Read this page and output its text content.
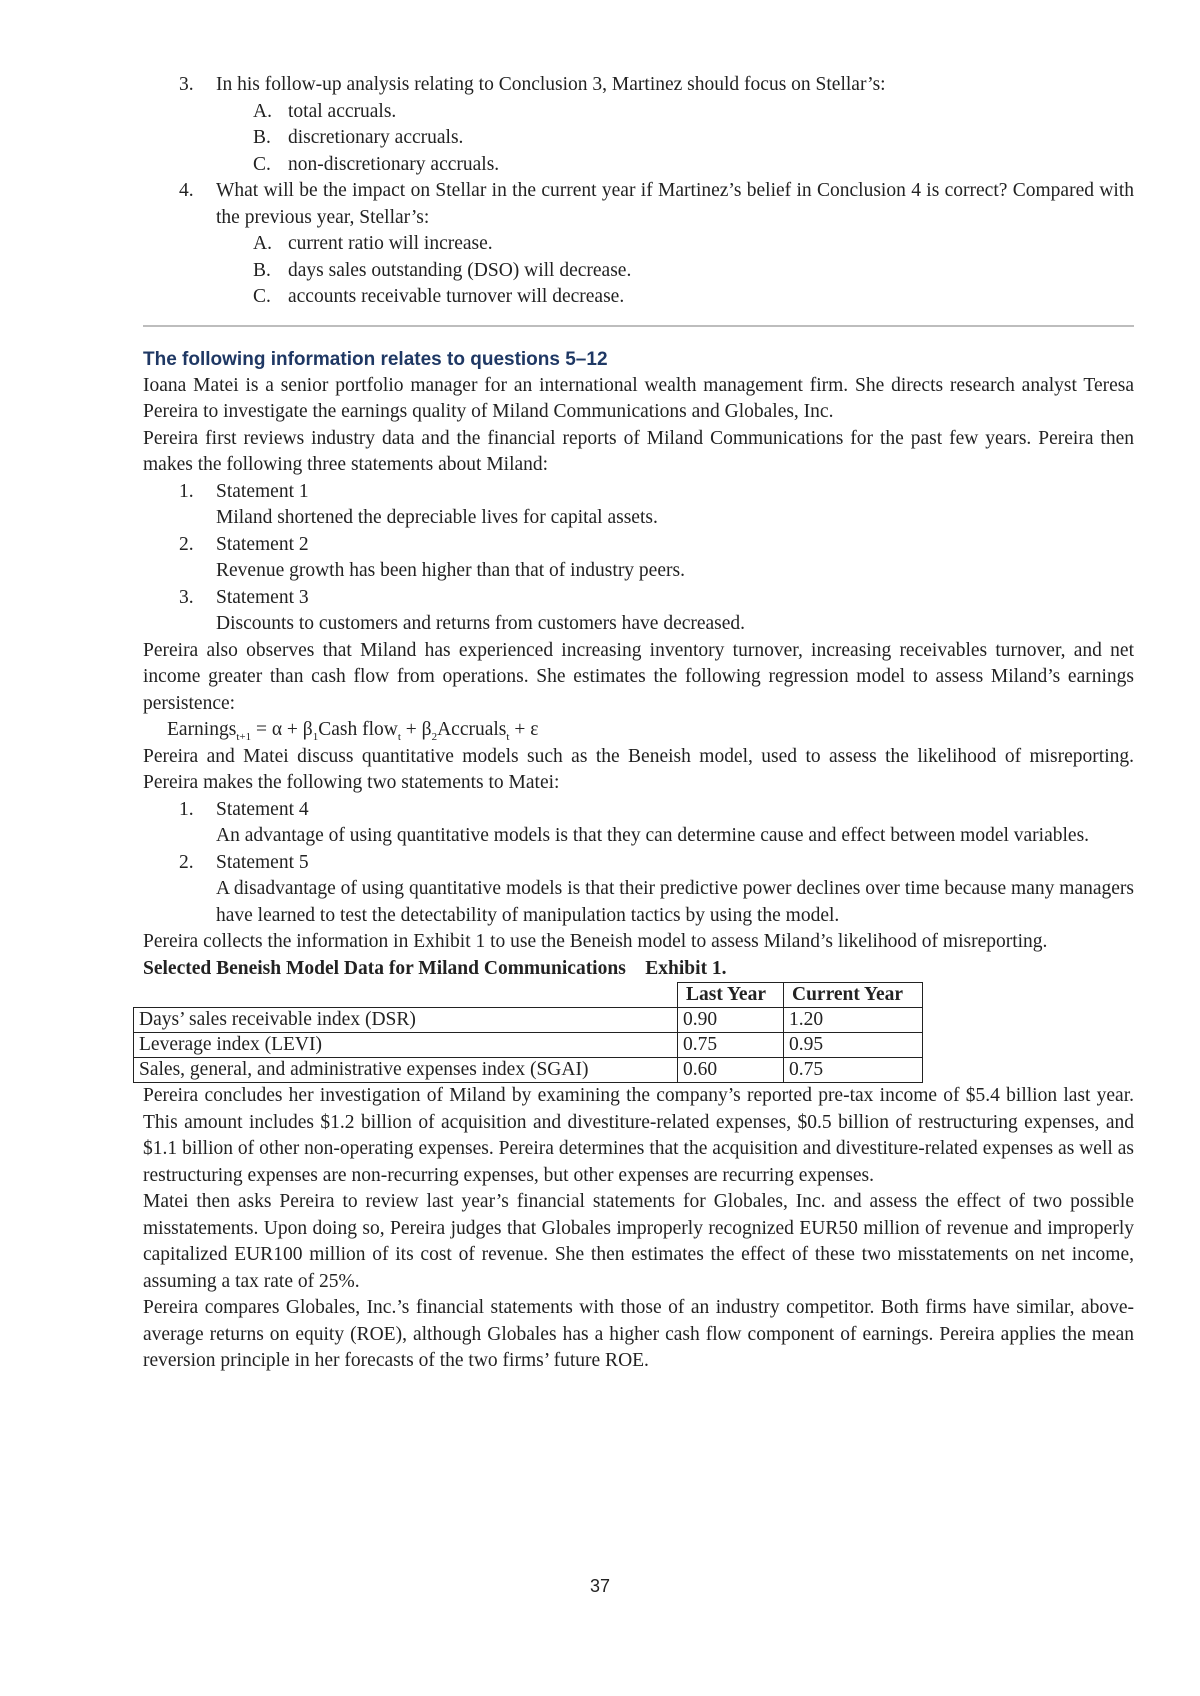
3. In his follow-up analysis relating to Conclusion 3, Martinez should focus on Stellar’s:
A. total accruals.
B. discretionary accruals.
C. non-discretionary accruals.
4. What will be the impact on Stellar in the current year if Martinez’s belief in Conclusion 4 is correct? Compared with the previous year, Stellar’s:
A. current ratio will increase.
B. days sales outstanding (DSO) will decrease.
C. accounts receivable turnover will decrease.
The following information relates to questions 5–12

Ioana Matei is a senior portfolio manager for an international wealth management firm. She directs research analyst Teresa Pereira to investigate the earnings quality of Miland Communications and Globales, Inc.

Pereira first reviews industry data and the financial reports of Miland Communications for the past few years. Pereira then makes the following three statements about Miland:

1. Statement 1
Miland shortened the depreciable lives for capital assets.
2. Statement 2
Revenue growth has been higher than that of industry peers.
3. Statement 3
Discounts to customers and returns from customers have decreased.

Pereira also observes that Miland has experienced increasing inventory turnover, increasing receivables turnover, and net income greater than cash flow from operations. She estimates the following regression model to assess Miland’s earnings persistence:

Earnings$_{t+1}$ = $\alpha + \beta_1Cash$ flow$_t$ + $\beta_2Accruals_t + \varepsilon$

Pereira and Matei discuss quantitative models such as the Beneish model, used to assess the likelihood of misreporting. Pereira makes the following two statements to Matei:

1. Statement 4
An advantage of using quantitative models is that they can determine cause and effect between model variables.
2. Statement 5
A disadvantage of using quantitative models is that their predictive power declines over time because many managers have learned to test the detectability of manipulation tactics by using the model.

Pereira collects the information in Exhibit 1 to use the Beneish model to assess Miland’s likelihood of misreporting.

Selected Beneish Model Data for Miland Communications    Exhibit 1.
	Last Year	Current Year
Days’ sales receivable index (DSR)	0.90	1.20
Leverage index (LEVI)	0.75	0.95
Sales, general, and administrative expenses index (SGAI)	0.60	0.75

Pereira concludes her investigation of Miland by examining the company’s reported pre-tax income of $5.4 billion last year. This amount includes $1.2 billion of acquisition and divestiture-related expenses, $0.5 billion of restructuring expenses, and $1.1 billion of other non-operating expenses. Pereira determines that the acquisition and divestiture-related expenses as well as restructuring expenses are non-recurring expenses, but other expenses are recurring expenses.

Matei then asks Pereira to review last year’s financial statements for Globales, Inc. and assess the effect of two possible misstatements. Upon doing so, Pereira judges that Globales improperly recognized EUR50 million of revenue and improperly capitalized EUR100 million of its cost of revenue. She then estimates the effect of these two misstatements on net income, assuming a tax rate of 25%.

Pereira compares Globales, Inc.’s financial statements with those of an industry competitor. Both firms have similar, above-average returns on equity (ROE), although Globales has a higher cash flow component of earnings. Pereira applies the mean reversion principle in her forecasts of the two firms’ future ROE.

37
